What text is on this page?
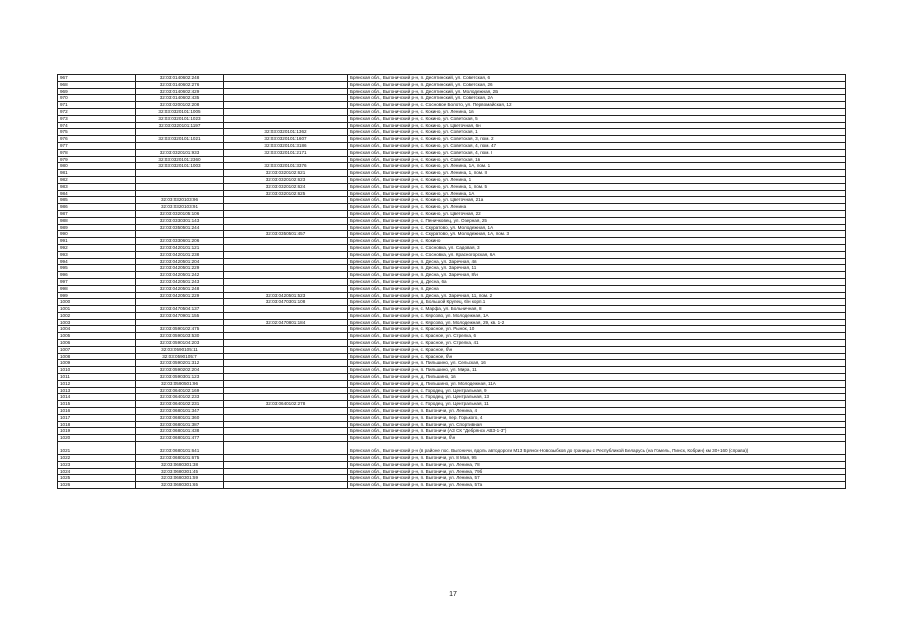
967	32:03:0140602:248		Брянская обл., Выгоничский р-н, п. Десятинский, ул. Советская, 6
968	32:03:0140602:276		Брянская обл., Выгоничский р-н, п. Десятинский, ул. Советская, 26
969	32:03:0140602:429		Брянская обл., Выгоничский р-н, п. Десятинский, ул. Молодежная, 2Б
970	32:03:0140602:435		Брянская обл., Выгоничский р-н, п. Десятинский, ул. Советская, 2А
971	32:03:0200102:208		Брянская обл., Выгоничский р-н, с. Сосновое Болото, ул. Первомайская, 12
972	32:03:0320101:1005		Брянская обл., Выгоничский р-н, с. Кокино, ул. Ленина, 1в
973	32:03:0320101:1023		Брянская обл., Выгоничский р-н, с. Кокино, ул. Советская, 5
974	32:03:0320101:1197		Брянская обл., Выгоничский р-н, с. Кокино, ул. Цветочная, 6н
975		32:03:0320101:1362	Брянская обл., Выгоничский р-н, с. Кокино, ул. Советская, 1
976	32:03:0320101:1021	32:03:0320101:1607	Брянская обл., Выгоничский р-н, с. Кокино, ул. Советская, 3, пом. 2
977		32:03:0320101:3186	Брянская обл., Выгоничский р-н, с. Кокино, ул. Советская, 4, пом. 47
978	32:03:0320101:933	32:03:0320101:2171	Брянская обл., Выгоничский р-н, с. Кокино, ул. Советская, 4, пом. I
979	32:03:0320101:2360		Брянская обл., Выгоничский р-н, с. Кокино, ул. Советская, 1в
980	32:03:0320101:1003	32:03:0320101:3376	Брянская обл., Выгоничский р-н, с. Кокино, ул. Ленина, 1А, пом. 1
981		32:03:0320102:621	Брянская обл., Выгоничский р-н, с. Кокино, ул. Ленина, 1, пом. II
982		32:03:0320102:623	Брянская обл., Выгоничский р-н, с. Кокино, ул. Ленина, 1
983		32:03:0320102:624	Брянская обл., Выгоничский р-н, с. Кокино, ул. Ленина, 1, пом. 5
984		32:03:0320102:625	Брянская обл., Выгоничский р-н, с. Кокино, ул. Ленина, 1А
985	32:03:0320103:96		Брянская обл., Выгоничский р-н, с. Кокино, ул. Цветочная, 21а
986	32:03:0320103:91		Брянская обл., Выгоничский р-н, с. Кокино, ул. Ленина
987	32:03:0320105:106		Брянская обл., Выгоничский р-н, с. Кокино, ул. Цветочная, 22
988	32:03:0330301:143		Брянская обл., Выгоничский р-н, с. Пеничковец, ул. Озерная, 25
989	32:03:0350501:244		Брянская обл., Выгоничский р-н, с. Скуратово, ул. Молодежная, 1А
990		32:03:0350501:457	Брянская обл., Выгоничский р-н, с. Скуратово, ул. Молодежная, 1А, пом. 3
991	32:03:0330601:206		Брянская обл., Выгоничский р-н, с. Кокино
992	32:03:0420101:121		Брянская обл., Выгоничский р-н, с. Сосновка, ул. Садовая, 3
993	32:03:0420101:238		Брянская обл., Выгоничский р-н, с. Сосновка, ул. Красногорская, 6А
994	32:03:0420501:204		Брянская обл., Выгоничский р-н, п. Десна, ул. Заречная, 4в
995	32:03:0420501:229		Брянская обл., Выгоничский р-н, п. Десна, ул. Заречная, 11
996	32:03:0420501:242		Брянская обл., Выгоничский р-н, п. Десна, ул. Заречная, 8\н
997	32:03:0420501:243		Брянская обл., Выгоничский р-н, д. Десна, 6а
998	32:03:0420501:248		Брянская обл., Выгоничский р-н, п. Десна
999	32:03:0420501:229	32:03:0420501:523	Брянская обл., Выгоничский р-н, п. Десна, ул. Заречная, 11, пом. 2
1000		32:03:0470301:108	Брянская обл., Выгоничский р-н, д. Большой Крупец, 6\н корп.1
1001	32:03:0470504:137		Брянская обл., Выгоничский р-н, с. Марфа, ул. Больничная, 8
1002	32:03:0470901:155		Брянская обл., Выгоничский р-н, с. Кярсово, ул. Молодежная, 1А
1003		32:02:0470801:184	Брянская обл., Выгоничский р-н, с. Кярсово, ул. Молодежная, 29, кв. 1-2
1004	32:03:0590102:475		Брянская обл., Выгоничский р-н, с. Красное, ул. Рынок, 10
1005	32:03:0590103:530		Брянская обл., Выгоничский р-н, с. Красное, ул. Стрелка, 6
1006	32:03:0590104:203		Брянская обл., Выгоничский р-н, с. Красное, ул. Стрелка, 41
1007	32:03:0590105:11		Брянская обл., Выгоничский р-н, с. Красное, б\н
1008	32:03:0590105:7		Брянская обл., Выгоничский р-н, с. Красное, б\н
1009	32:03:0590201:312		Брянская обл., Выгоничский р-н, п. Пильшино, ул. Сельская, 16
1010	32:03:0590202:204		Брянская обл., Выгоничский р-н, п. Пильшино, ул. Мира, 11
1011	32:03:0590301:123		Брянская обл., Выгоничский р-н, д. Пильшино, 1в
1012	32:03:0590501:96		Брянская обл., Выгоничский р-н, д. Пильшино, ул. Молодежная, 11А
1013	32:03:0640102:169		Брянская обл., Выгоничский р-н, с. Городец, ул. Центральная, 9
1014	32:03:0640102:233		Брянская обл., Выгоничский р-н, с. Городец, ул. Центральная, 13
1015	32:03:0640102:231	32:03:0640102:278	Брянская обл., Выгоничский р-н, с. Городец, ул. Центральная, 11
1016	32:03:0680101:347		Брянская обл., Выгоничский р-н, п. Выгоничи, ул. Ленина, 4
1017	32:03:0680101:360		Брянская обл., Выгоничский р-н, п. Выгоничи, пер. Горького, 4
1018	32:03:0680101:387		Брянская обл., Выгоничский р-н, п. Выгоничи, ул. Спортивная
1019	32:03:0680101:438		Брянская обл., Выгоничский р-н, п. Выгоничи (АЗ СК "Дебрянск АВЗ-1-3")
1020	32:03:0680101:477		Брянская обл., Выгоничский р-н, п. Выгоничи, б\н
1021	32:03:0680101:641		Брянская обл., Выгоничский р-н (в районе пос. Выгоничи, вдоль автодороги М13 Брянск-Новозыбков до границы с Республикой Беларусь (на Гомель, Пинск, Кобрин) км 30+160 (справа))
1022	32:03:0680101:675		Брянская обл., Выгоничский р-н, п. Выгоничи, ул. 8 Мая, 95
1023	32:03:0680301:38		Брянская обл., Выгоничский р-н, п. Выгоничи, ул. Ленина, 78
1024	32:03:0680301:45		Брянская обл., Выгоничский р-н, п. Выгоничи, ул. Ленина, 79б
1025	32:03:0680301:59		Брянская обл., Выгоничский р-н, п. Выгоничи, ул. Ленина, 57
1026	32:03:0680301:65		Брянская обл., Выгоничский р-н, п. Выгоничи, ул. Ленина, 57а
17
